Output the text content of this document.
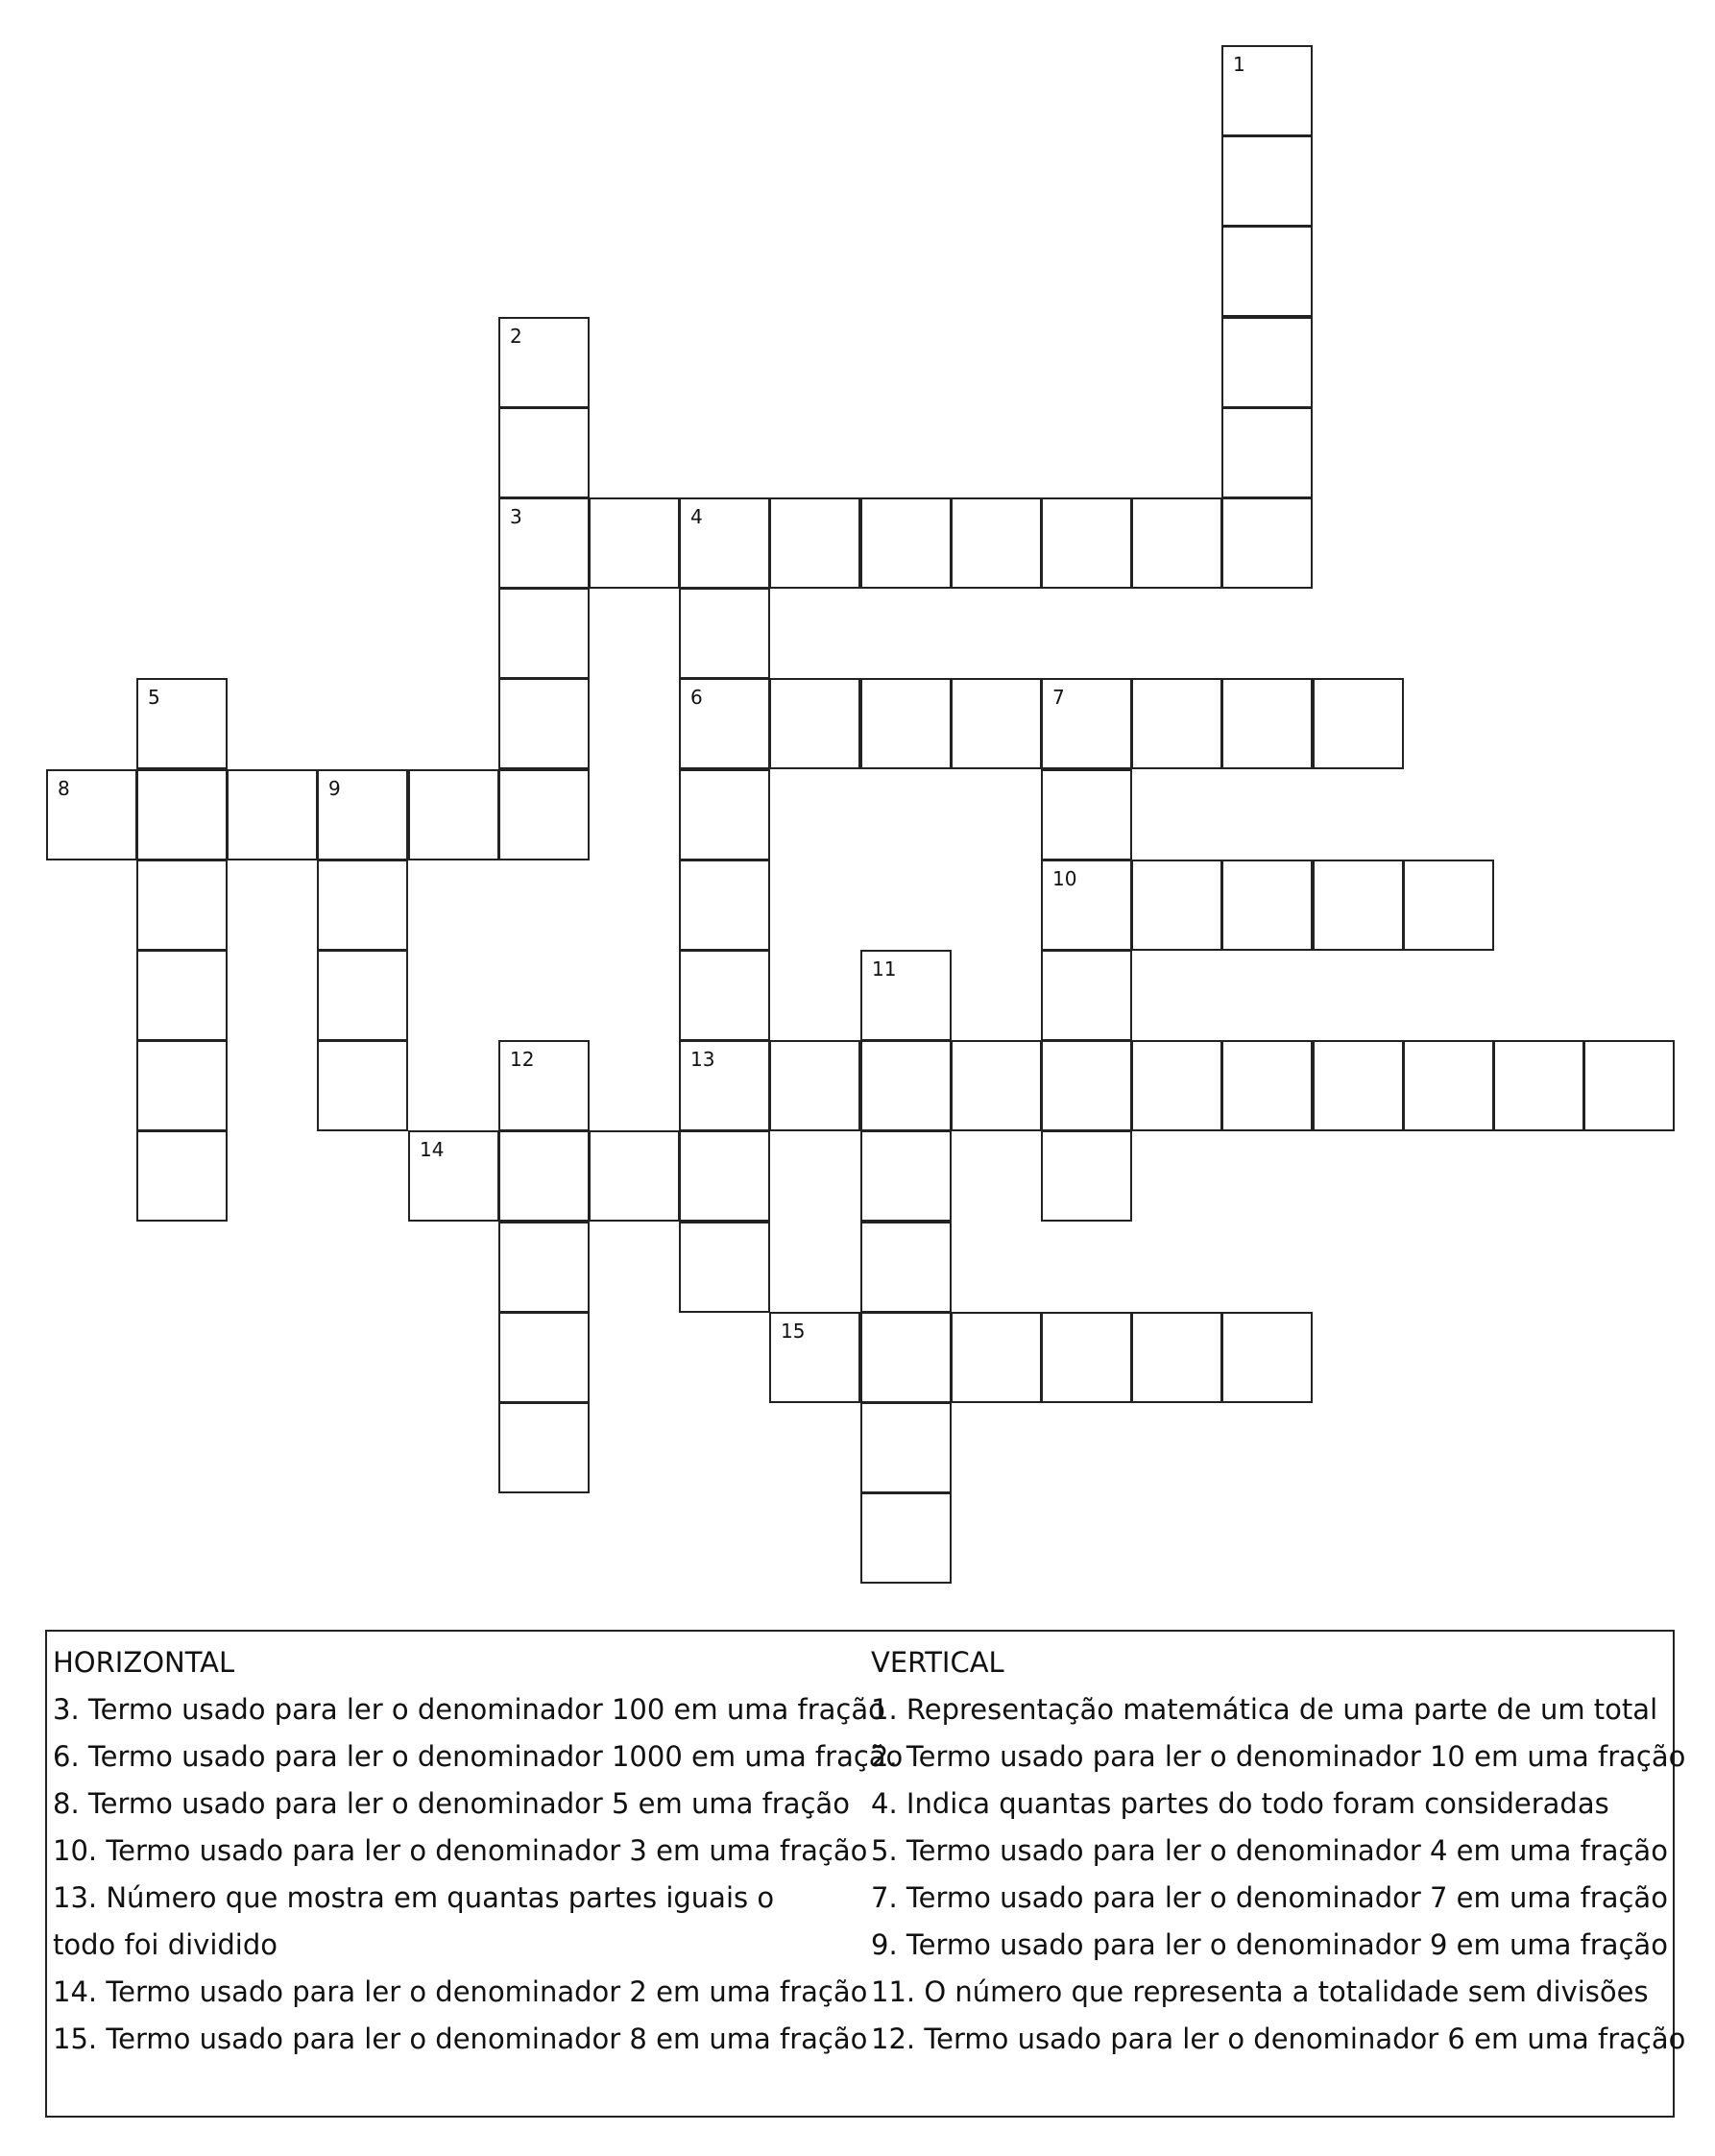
1
2
3	4
6	7
5
8	9
10
11
13
12
14
15
HORIZONTAL
3. Termo usado para ler o denominador 100 em uma fração
6. Termo usado para ler o denominador 1000 em uma fração
8. Termo usado para ler o denominador 5 em uma fração
10. Termo usado para ler o denominador 3 em uma fração
13. Número que mostra em quantas partes iguais o todo foi dividido
14. Termo usado para ler o denominador 2 em uma fração
15. Termo usado para ler o denominador 8 em uma fração
VERTICAL
1. Representação matemática de uma parte de um total
2. Termo usado para ler o denominador 10 em uma fração
4. Indica quantas partes do todo foram consideradas
5. Termo usado para ler o denominador 4 em uma fração
7. Termo usado para ler o denominador 7 em uma fração
9. Termo usado para ler o denominador 9 em uma fração
11. O número que representa a totalidade sem divisões
12. Termo usado para ler o denominador 6 em uma fração
